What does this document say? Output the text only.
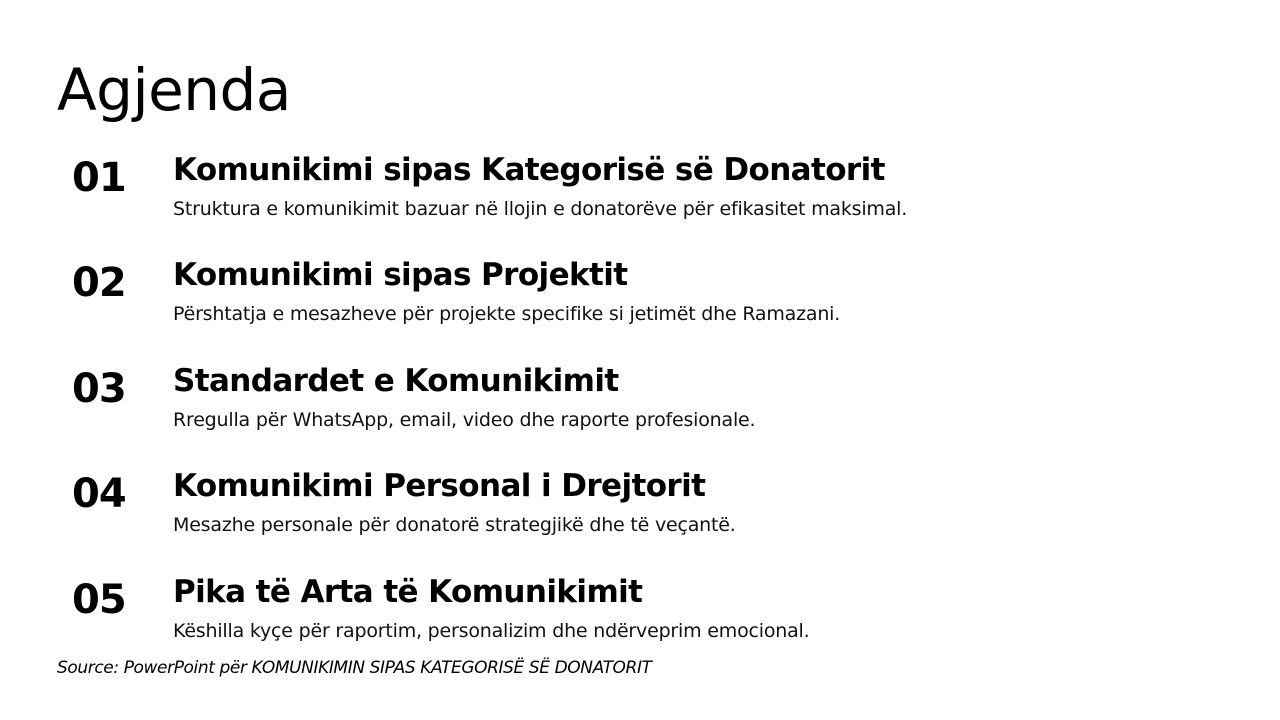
Agjenda
01 Komunikimi sipas Kategorisë së Donatorit
Struktura e komunikimit bazuar në llojin e donatorëve për efikasitet maksimal.
02 Komunikimi sipas Projektit
Përshtatja e mesazheve për projekte specifike si jetimët dhe Ramazani.
03 Standardet e Komunikimit
Rregulla për WhatsApp, email, video dhe raporte profesionale.
04 Komunikimi Personal i Drejtorit
Mesazhe personale për donatorë strategjikë dhe të veçantë.
05 Pika të Arta të Komunikimit
Këshilla kyçe për raportim, personalizim dhe ndërveprim emocional.
Source: PowerPoint për KOMUNIKIMIN SIPAS KATEGORISË SË DONATORIT
